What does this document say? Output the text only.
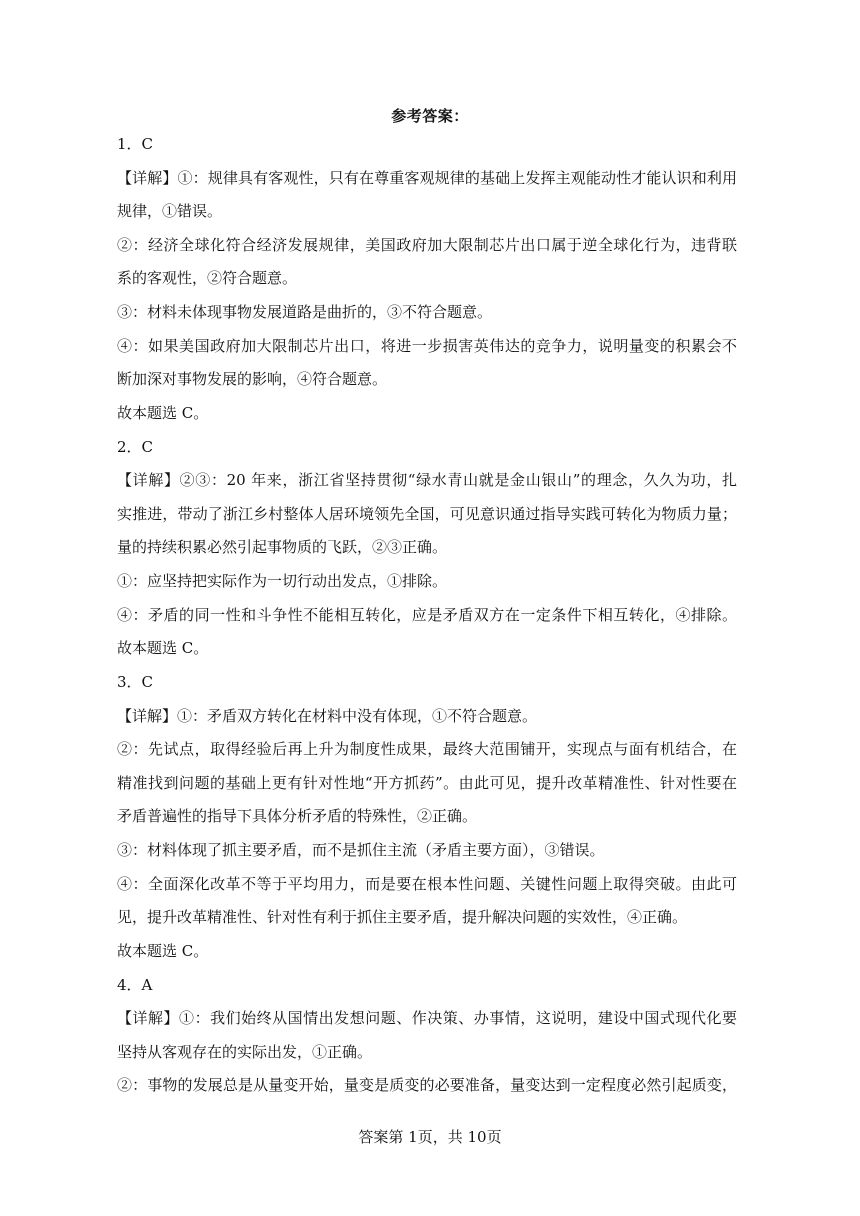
参考答案：
1．C
【详解】①：规律具有客观性，只有在尊重客观规律的基础上发挥主观能动性才能认识和利用
规律，①错误。
②：经济全球化符合经济发展规律，美国政府加大限制芯片出口属于逆全球化行为，违背联
系的客观性，②符合题意。
③：材料未体现事物发展道路是曲折的，③不符合题意。
④：如果美国政府加大限制芯片出口，将进一步损害英伟达的竞争力，说明量变的积累会不
断加深对事物发展的影响，④符合题意。
故本题选 C。
2．C
【详解】②③：20 年来，浙江省坚持贯彻“绿水青山就是金山银山”的理念，久久为功，扎
实推进，带动了浙江乡村整体人居环境领先全国，可见意识通过指导实践可转化为物质力量；
量的持续积累必然引起事物质的飞跃，②③正确。
①：应坚持把实际作为一切行动出发点，①排除。
④：矛盾的同一性和斗争性不能相互转化，应是矛盾双方在一定条件下相互转化，④排除。
故本题选 C。
3．C
【详解】①：矛盾双方转化在材料中没有体现，①不符合题意。
②：先试点，取得经验后再上升为制度性成果，最终大范围铺开，实现点与面有机结合，在
精准找到问题的基础上更有针对性地“开方抓药”。由此可见，提升改革精准性、针对性要在
矛盾普遍性的指导下具体分析矛盾的特殊性，②正确。
③：材料体现了抓主要矛盾，而不是抓住主流（矛盾主要方面），③错误。
④：全面深化改革不等于平均用力，而是要在根本性问题、关键性问题上取得突破。由此可
见，提升改革精准性、针对性有利于抓住主要矛盾，提升解决问题的实效性，④正确。
故本题选 C。
4．A
【详解】①：我们始终从国情出发想问题、作决策、办事情，这说明，建设中国式现代化要
坚持从客观存在的实际出发，①正确。
②：事物的发展总是从量变开始，量变是质变的必要准备，量变达到一定程度必然引起质变，
答案第 1页，共 10页
